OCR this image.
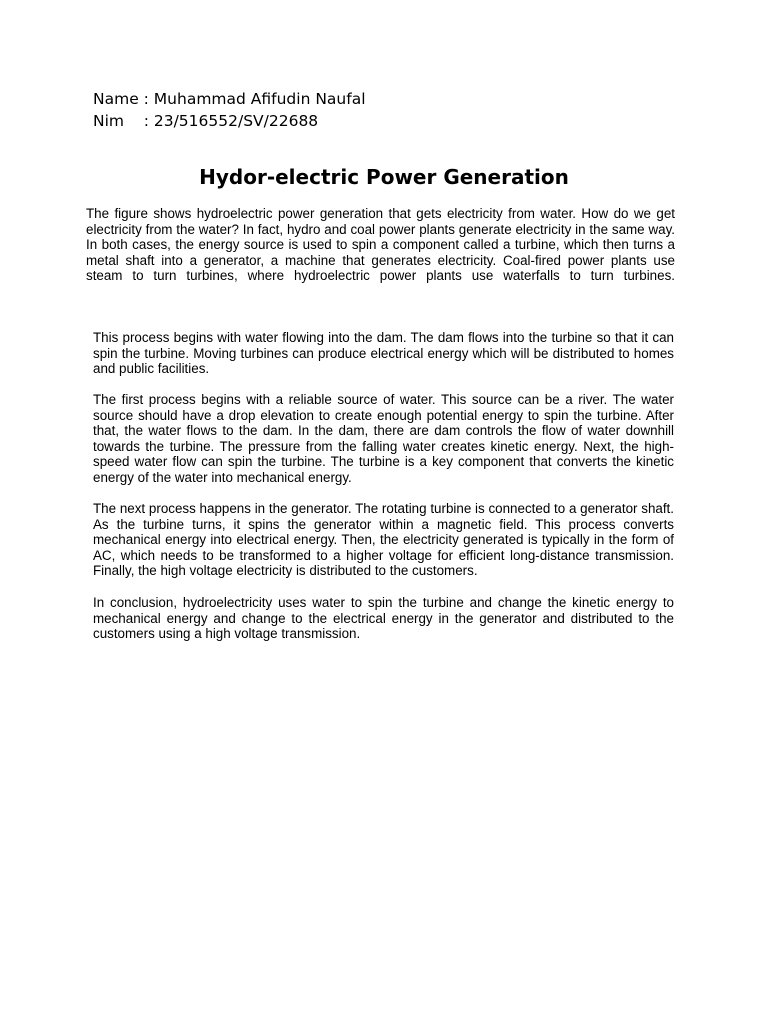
Name : Muhammad Afifudin Naufal
Nim    : 23/516552/SV/22688
Hydor-electric Power Generation

The figure shows hydroelectric power generation that gets electricity from water. How do we get electricity from the water? In fact, hydro and coal power plants generate electricity in the same way. In both cases, the energy source is used to spin a component called a turbine, which then turns a metal shaft into a generator, a machine that generates electricity. Coal-fired power plants use steam to turn turbines, where hydroelectric power plants use waterfalls to turn turbines.

This process begins with water flowing into the dam. The dam flows into the turbine so that it can spin the turbine. Moving turbines can produce electrical energy which will be distributed to homes and public facilities.

The first process begins with a reliable source of water. This source can be a river. The water source should have a drop elevation to create enough potential energy to spin the turbine. After that, the water flows to the dam. In the dam, there are dam controls the flow of water downhill towards the turbine. The pressure from the falling water creates kinetic energy. Next, the high-speed water flow can spin the turbine. The turbine is a key component that converts the kinetic energy of the water into mechanical energy.

The next process happens in the generator. The rotating turbine is connected to a generator shaft. As the turbine turns, it spins the generator within a magnetic field. This process converts mechanical energy into electrical energy. Then, the electricity generated is typically in the form of AC, which needs to be transformed to a higher voltage for efficient long-distance transmission. Finally, the high voltage electricity is distributed to the customers.

In conclusion, hydroelectricity uses water to spin the turbine and change the kinetic energy to mechanical energy and change to the electrical energy in the generator and distributed to the customers using a high voltage transmission.
